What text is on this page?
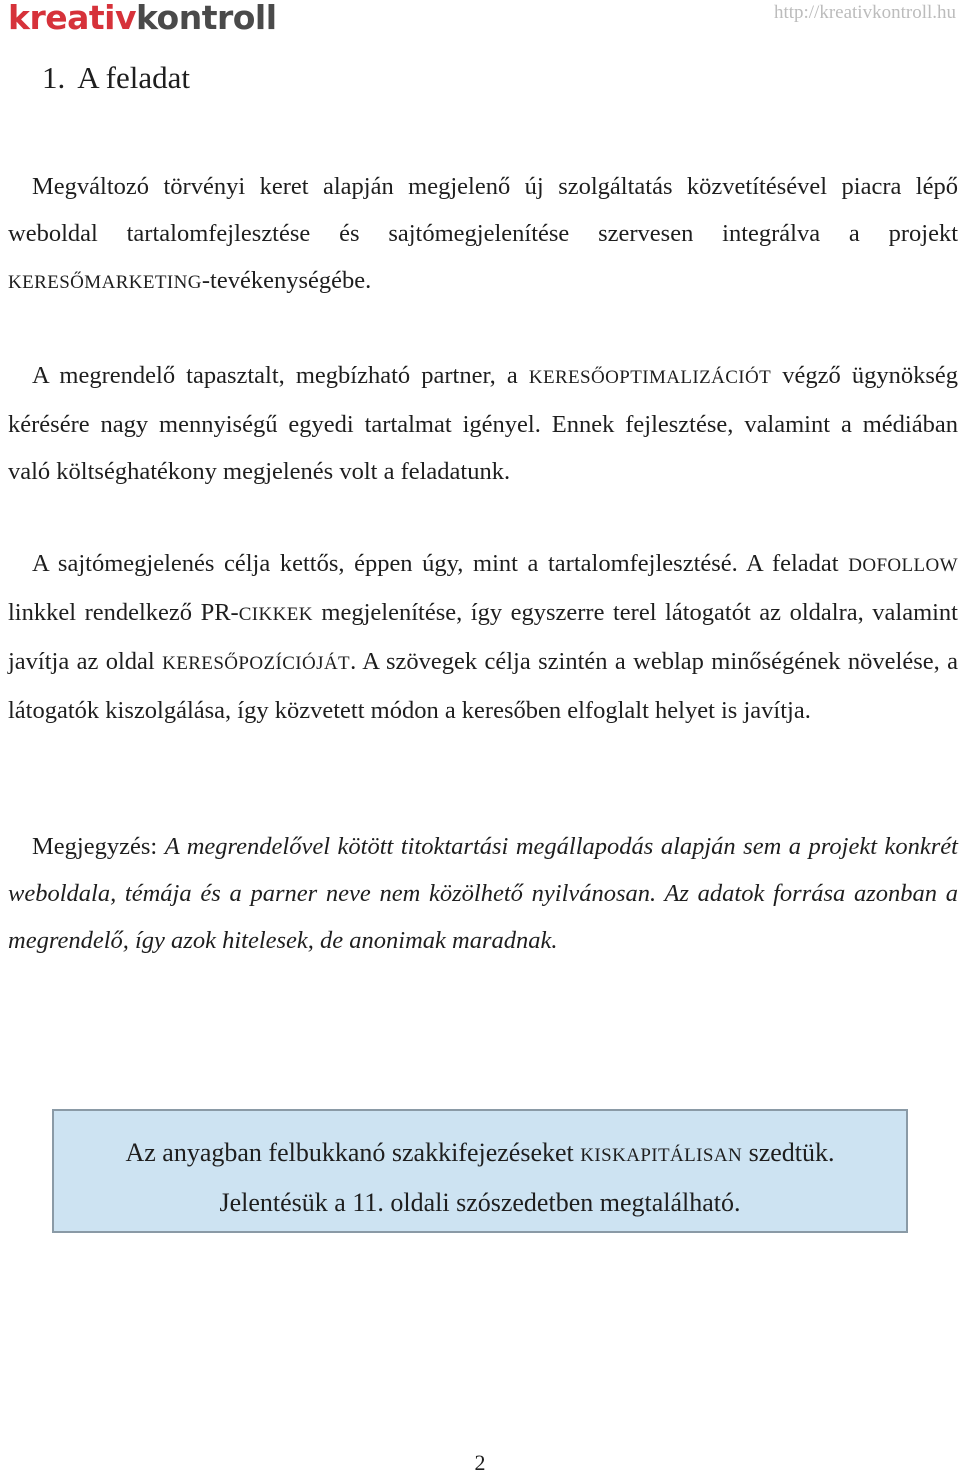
kreativkontroll	http://kreativkontroll.hu
1. A feladat
Megváltozó törvényi keret alapján megjelenő új szolgáltatás közvetítésével piacra lépő weboldal tartalomfejlesztése és sajtómegjelenítése szervesen integrálva a projekt KERESŐMARKETING-tevékenységébe.
A megrendelő tapasztalt, megbízható partner, a KERESŐOPTIMALIZÁCIÓT végző ügynökség kérésére nagy mennyiségű egyedi tartalmat igényel. Ennek fejlesztése, valamint a médiában való költséghatékony megjelenés volt a feladatunk.
A sajtómegjelenés célja kettős, éppen úgy, mint a tartalomfejlesztésé. A feladat DOFOLLOW linkkel rendelkező PR-CIKKEK megjelenítése, így egyszerre terel látogatót az oldalra, valamint javítja az oldal KERESŐPOZÍCIÓJÁT. A szövegek célja szintén a weblap minőségének növelése, a látogatók kiszolgálása, így közvetett módon a keresőben elfoglalt helyet is javítja.
Megjegyzés: A megrendelővel kötött titoktartási megállapodás alapján sem a projekt konkrét weboldala, témája és a parner neve nem közölhető nyilvánosan. Az adatok forrása azonban a megrendelő, így azok hitelesek, de anonimak maradnak.
Az anyagban felbukkanó szakkifejezéseket KISKAPITÁLISAN szedtük.
Jelentésük a 11. oldali szószedetben megtalálható.
2
